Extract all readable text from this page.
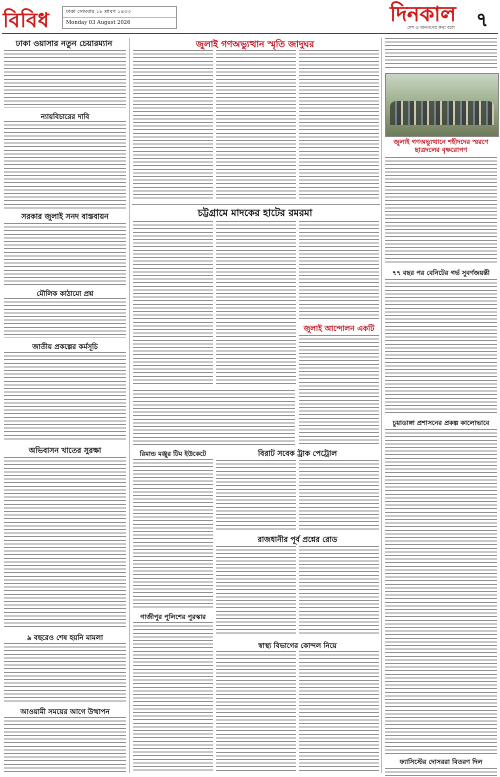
বিবিধ	ঢাকা সোমবার ১৮ শ্রাবণ ১৪৩৩
Monday 03 August 2026	দিনকাল
দেশ ও জনগণের কথা বলে	৭
ঢাকা ওয়াসার নতুন চেয়ারম্যান
ন্যায়বিচারের দাবি
সরকার জুলাই সনদ বাস্তবায়ন
মৌলিক কাঠামো প্রশ্ন
জাতীয় প্রকল্পের কর্মসূচি
অভিবাসন খাতের সুরক্ষা
৯ বছরেও শেষ হয়নি মামলা
আওয়ামী সময়ের আগে উত্থাপন
জুলাই গণঅভ্যুত্থান স্মৃতি জাদুঘর
চট্টগ্রামে মাদকের হাটের রমরমা
জুলাই আন্দোলন একটি
রিমান্ড মঞ্জুর টিম ইউকেটে	বিরাট সবেক ট্রাক পেট্রোল
রাজধানীর পূর্ব প্রশ্নের রোড
গাজীপুর পুলিশের পুরস্কার
স্বাস্থ্য বিভাগের কোন্দল নিয়ে
জুলাই গণঅভ্যুত্থানে শহীদদের স্মরণে ছাত্রদলের বৃক্ষরোপণ
৭৭ বছর পর বেনিটের গর্ভ সুবর্ণজয়ন্তী
চুয়াডাঙ্গা প্রশাসনের প্রকল্প কালোভাবে
ফ্যাসিস্টের দোসররা বিতরণ দিল
